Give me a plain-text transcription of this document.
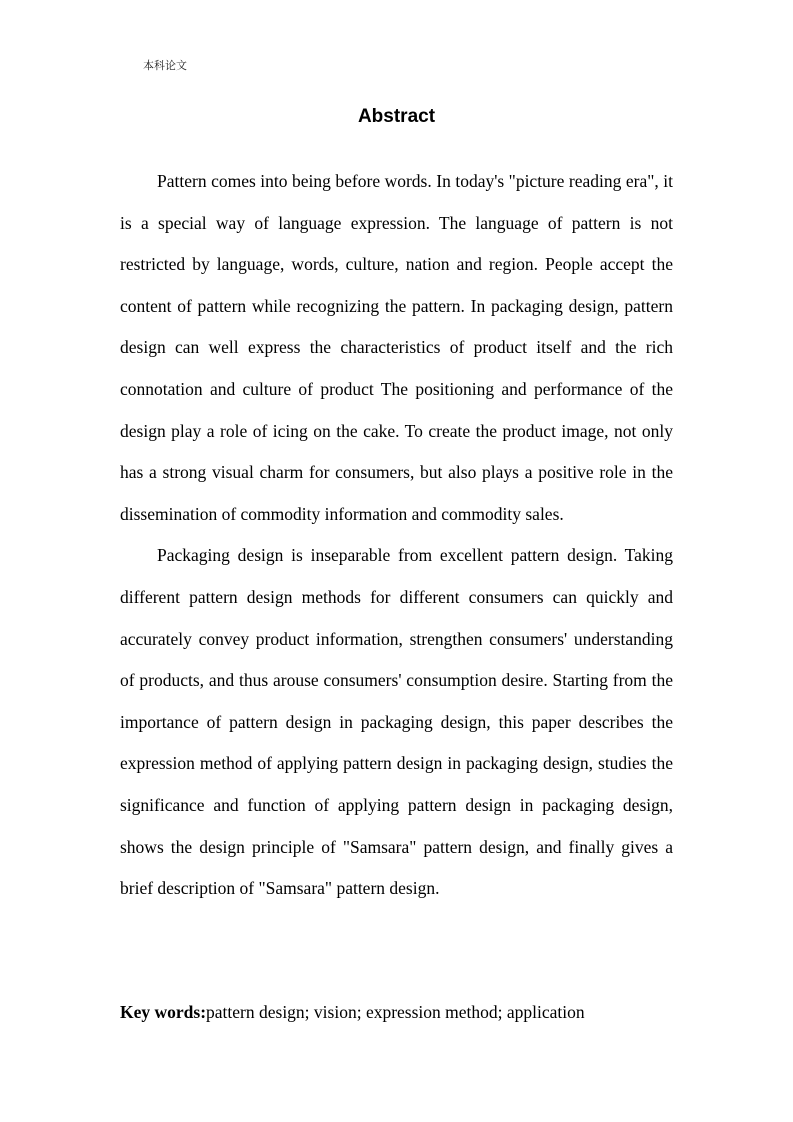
本科论文
Abstract

Pattern comes into being before words. In today's "picture reading era", it is a special way of language expression. The language of pattern is not restricted by language, words, culture, nation and region. People accept the content of pattern while recognizing the pattern. In packaging design, pattern design can well express the characteristics of product itself and the rich connotation and culture of product The positioning and performance of the design play a role of icing on the cake. To create the product image, not only has a strong visual charm for consumers, but also plays a positive role in the dissemination of commodity information and commodity sales.

Packaging design is inseparable from excellent pattern design. Taking different pattern design methods for different consumers can quickly and accurately convey product information, strengthen consumers' understanding of products, and thus arouse consumers' consumption desire. Starting from the importance of pattern design in packaging design, this paper describes the expression method of applying pattern design in packaging design, studies the significance and function of applying pattern design in packaging design, shows the design principle of "Samsara" pattern design, and finally gives a brief description of "Samsara" pattern design.

Key words:pattern design; vision; expression method; application
